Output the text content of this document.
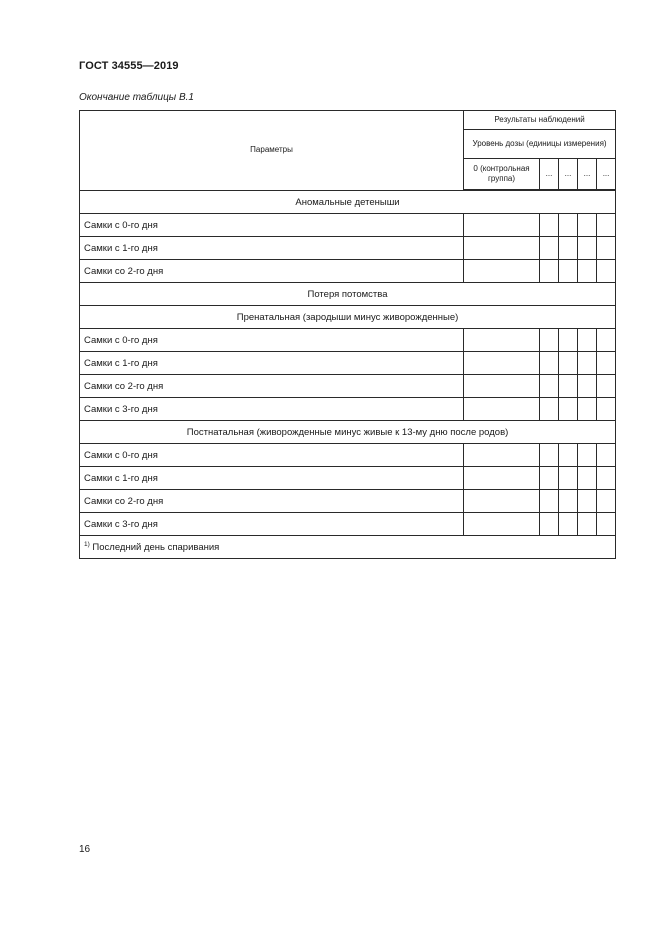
ГОСТ 34555—2019
Окончание таблицы В.1
Параметры	Результаты наблюдений				
	Уровень дозы (единицы измерения)				
	0 (контрольная группа)	...	...	...	...
Аномальные детеныши					
Самки с 0-го дня					
Самки с 1-го дня					
Самки со 2-го дня					
Потеря потомства					
Пренатальная (зародыши минус живорожденные)					
Самки с 0-го дня					
Самки с 1-го дня					
Самки со 2-го дня					
Самки с 3-го дня					
Постнатальная (живорожденные минус живые к 13-му дню после родов)					
Самки с 0-го дня					
Самки с 1-го дня					
Самки со 2-го дня					
Самки с 3-го дня					
$^{1)}$ Последний день спаривания					
16
